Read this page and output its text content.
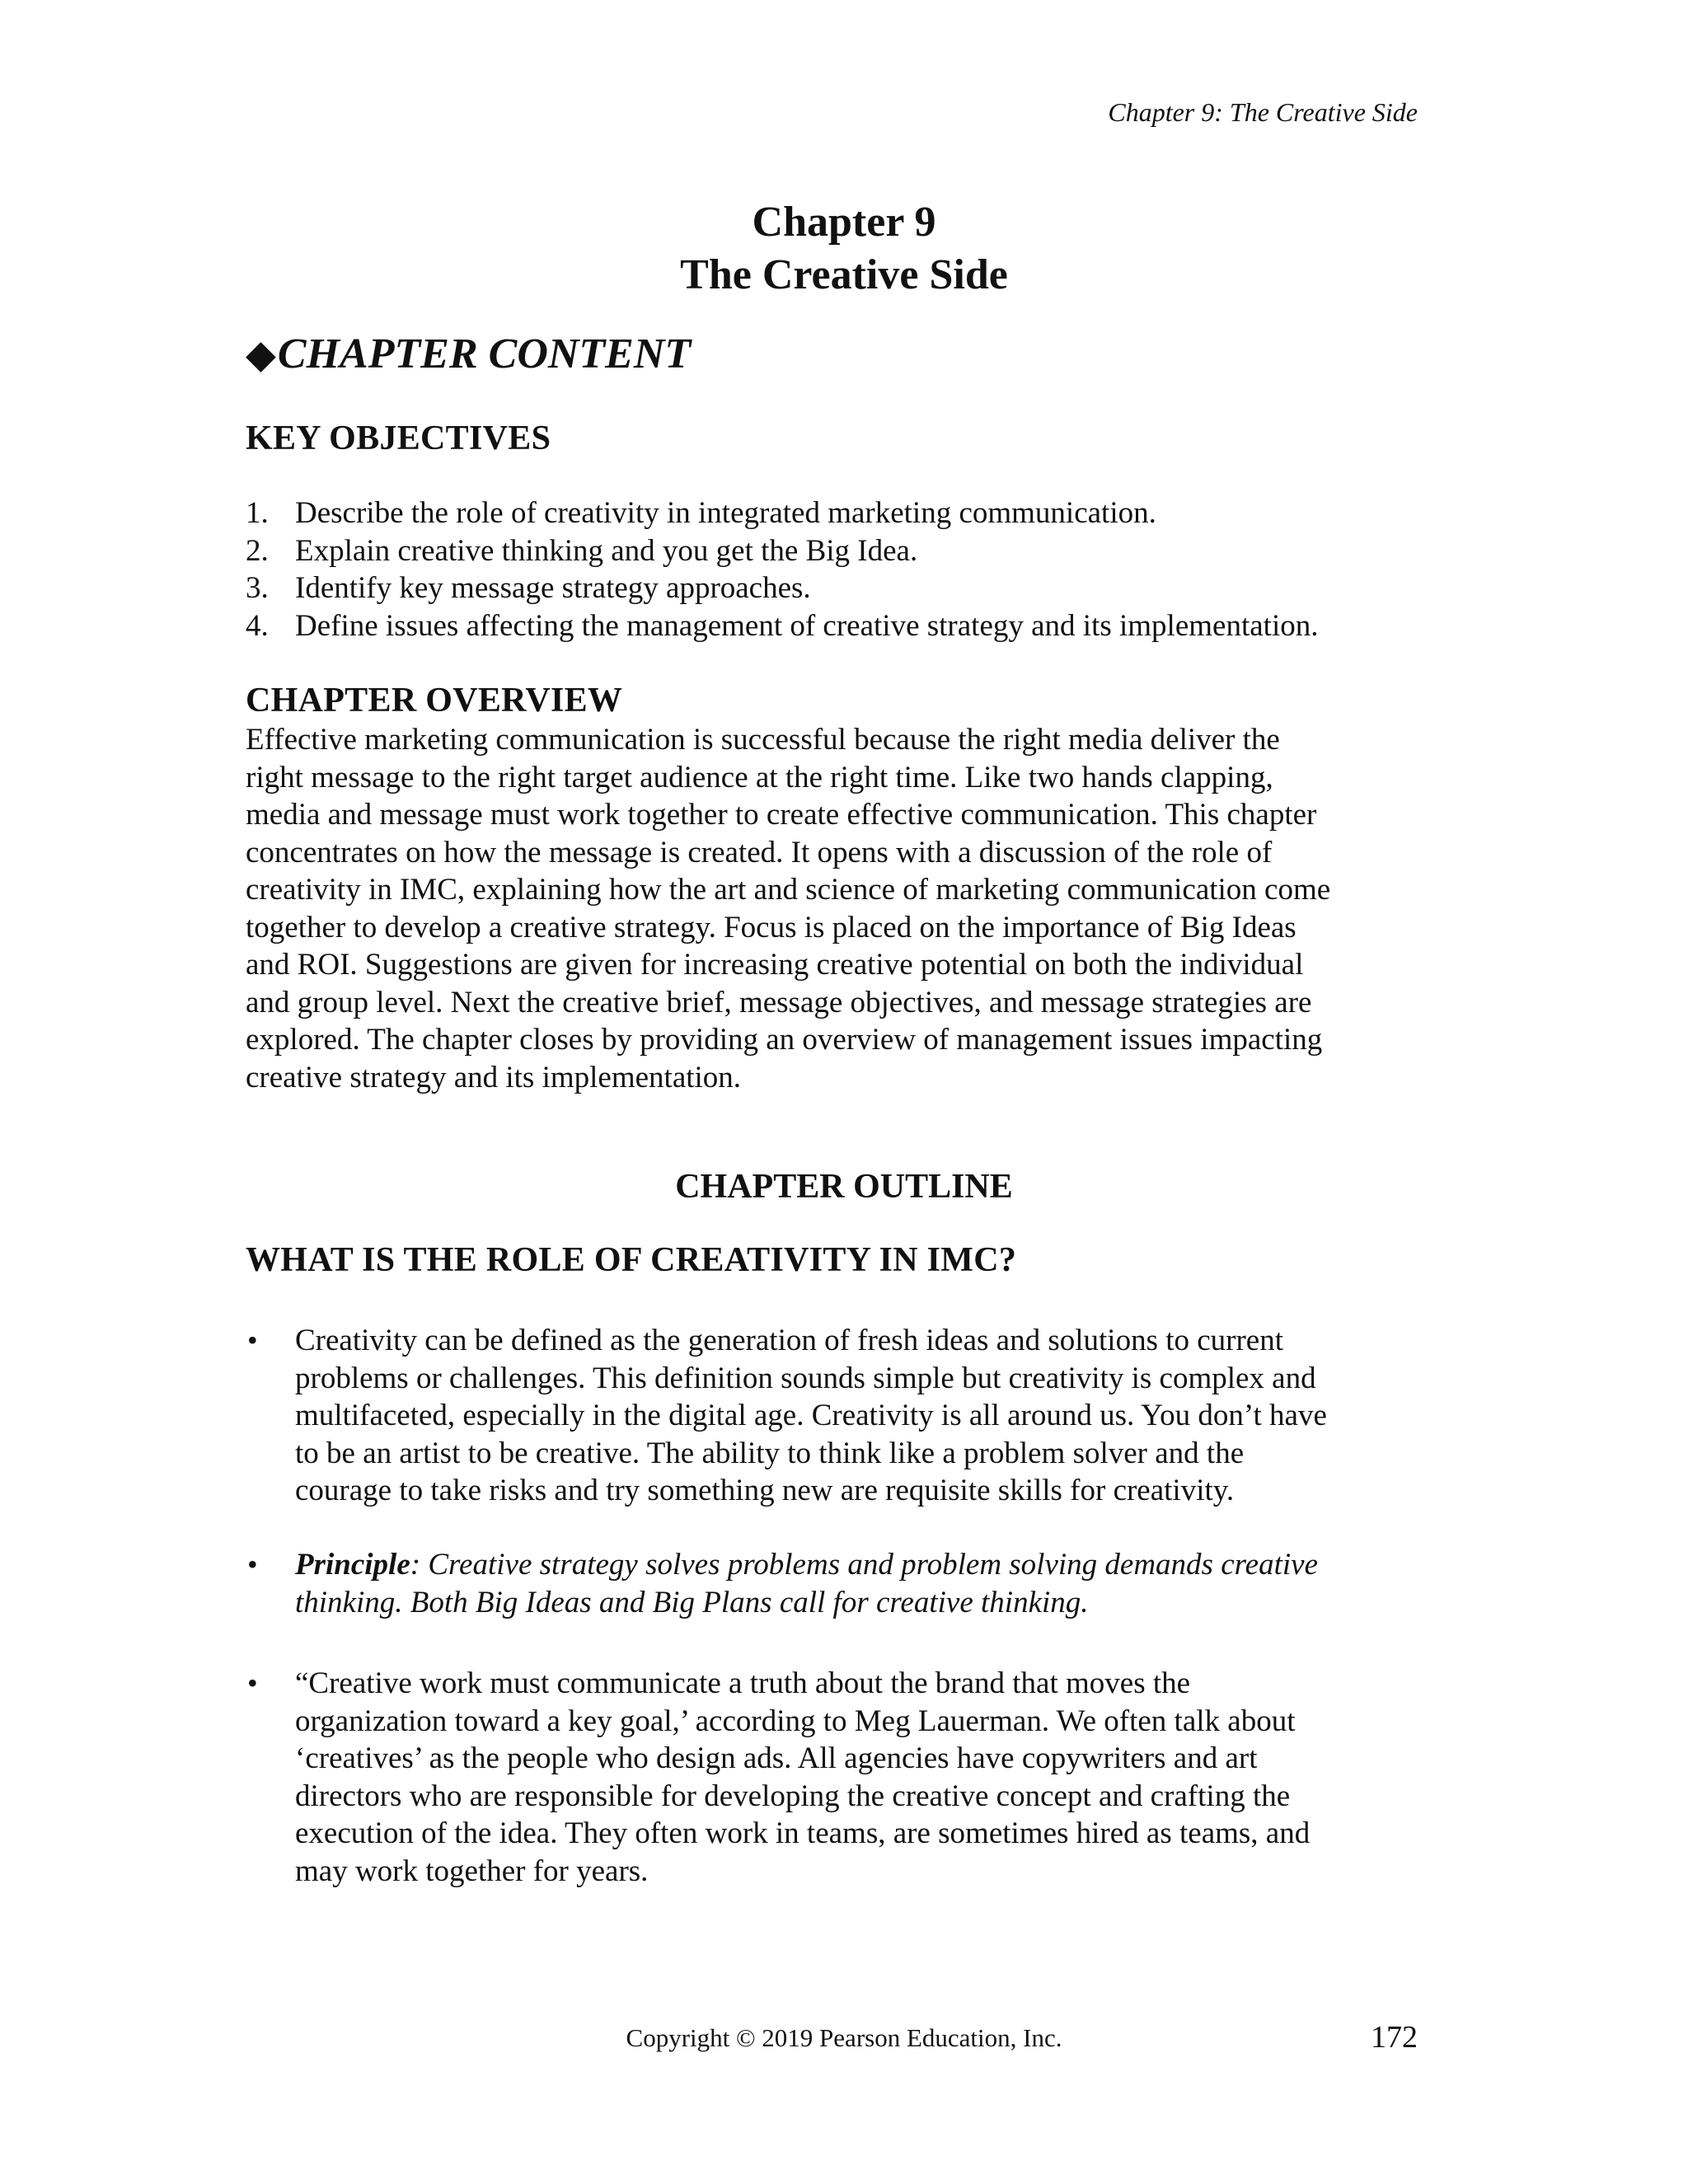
Chapter 9: The Creative Side
Chapter 9
The Creative Side
◆CHAPTER CONTENT
KEY OBJECTIVES
1. Describe the role of creativity in integrated marketing communication.
2. Explain creative thinking and you get the Big Idea.
3. Identify key message strategy approaches.
4. Define issues affecting the management of creative strategy and its implementation.
CHAPTER OVERVIEW
Effective marketing communication is successful because the right media deliver the
right message to the right target audience at the right time. Like two hands clapping,
media and message must work together to create effective communication. This chapter
concentrates on how the message is created. It opens with a discussion of the role of
creativity in IMC, explaining how the art and science of marketing communication come
together to develop a creative strategy. Focus is placed on the importance of Big Ideas
and ROI. Suggestions are given for increasing creative potential on both the individual
and group level. Next the creative brief, message objectives, and message strategies are
explored. The chapter closes by providing an overview of management issues impacting
creative strategy and its implementation.
CHAPTER OUTLINE
WHAT IS THE ROLE OF CREATIVITY IN IMC?
• Creativity can be defined as the generation of fresh ideas and solutions to current
problems or challenges. This definition sounds simple but creativity is complex and
multifaceted, especially in the digital age. Creativity is all around us. You don’t have
to be an artist to be creative. The ability to think like a problem solver and the
courage to take risks and try something new are requisite skills for creativity.
• Principle: Creative strategy solves problems and problem solving demands creative
thinking. Both Big Ideas and Big Plans call for creative thinking.
• “Creative work must communicate a truth about the brand that moves the
organization toward a key goal,’ according to Meg Lauerman. We often talk about
‘creatives’ as the people who design ads. All agencies have copywriters and art
directors who are responsible for developing the creative concept and crafting the
execution of the idea. They often work in teams, are sometimes hired as teams, and
may work together for years.
Copyright © 2019 Pearson Education, Inc.	172
